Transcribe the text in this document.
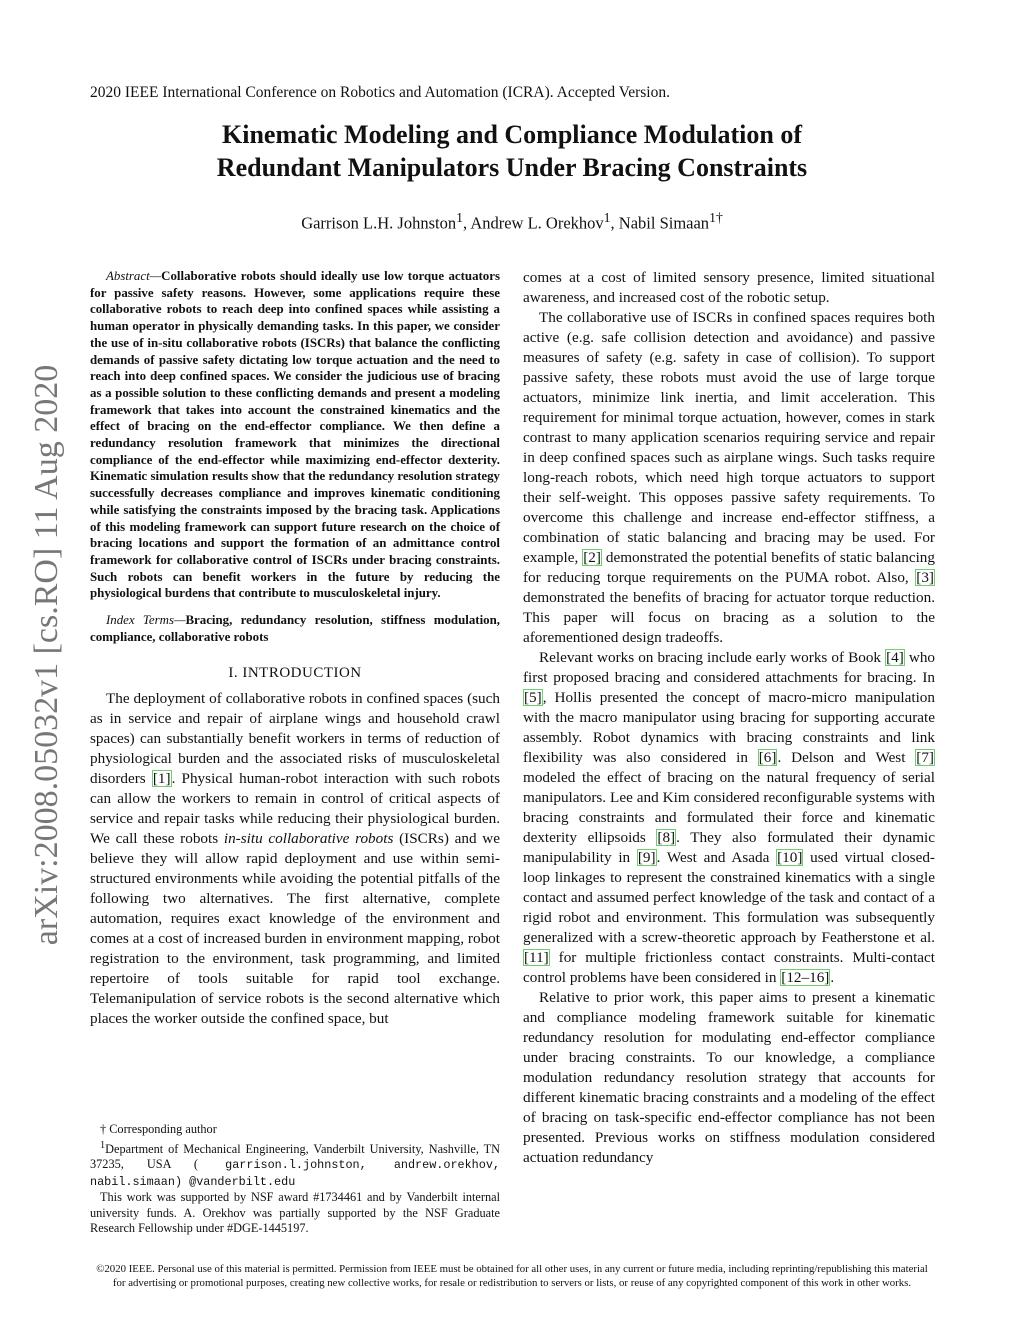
2020 IEEE International Conference on Robotics and Automation (ICRA). Accepted Version.
Kinematic Modeling and Compliance Modulation of
Redundant Manipulators Under Bracing Constraints
Garrison L.H. Johnston$^1$, Andrew L. Orekhov$^1$, Nabil Simaan$^{1\dagger}$
arXiv:2008.05032v1 [cs.RO] 11 Aug 2020
Abstract—Collaborative robots should ideally use low torque actuators for passive safety reasons. However, some applications require these collaborative robots to reach deep into confined spaces while assisting a human operator in physically demanding tasks. In this paper, we consider the use of in-situ collaborative robots (ISCRs) that balance the conflicting demands of passive safety dictating low torque actuation and the need to reach into deep confined spaces. We consider the judicious use of bracing as a possible solution to these conflicting demands and present a modeling framework that takes into account the constrained kinematics and the effect of bracing on the end-effector compliance. We then define a redundancy resolution framework that minimizes the directional compliance of the end-effector while maximizing end-effector dexterity. Kinematic simulation results show that the redundancy resolution strategy successfully decreases compliance and improves kinematic conditioning while satisfying the constraints imposed by the bracing task. Applications of this modeling framework can support future research on the choice of bracing locations and support the formation of an admittance control framework for collaborative control of ISCRs under bracing constraints. Such robots can benefit workers in the future by reducing the physiological burdens that contribute to musculoskeletal injury.
Index Terms—Bracing, redundancy resolution, stiffness modulation, compliance, collaborative robots
I. INTRODUCTION

The deployment of collaborative robots in confined spaces (such as in service and repair of airplane wings and household crawl spaces) can substantially benefit workers in terms of reduction of physiological burden and the associated risks of musculoskeletal disorders [1]. Physical human-robot interaction with such robots can allow the workers to remain in control of critical aspects of service and repair tasks while reducing their physiological burden. We call these robots in-situ collaborative robots (ISCRs) and we believe they will allow rapid deployment and use within semi-structured environments while avoiding the potential pitfalls of the following two alternatives. The first alternative, complete automation, requires exact knowledge of the environment and comes at a cost of increased burden in environment mapping, robot registration to the environment, task programming, and limited repertoire of tools suitable for rapid tool exchange. Telemanipulation of service robots is the second alternative which places the worker outside the confined space, but

† Corresponding author

$^1$Department of Mechanical Engineering, Vanderbilt University, Nashville, TN 37235, USA ( garrison.l.johnston, andrew.orekhov, nabil.simaan) @vanderbilt.edu

This work was supported by NSF award #1734461 and by Vanderbilt internal university funds. A. Orekhov was partially supported by the NSF Graduate Research Fellowship under #DGE-1445197.

comes at a cost of limited sensory presence, limited situational awareness, and increased cost of the robotic setup.

The collaborative use of ISCRs in confined spaces requires both active (e.g. safe collision detection and avoidance) and passive measures of safety (e.g. safety in case of collision). To support passive safety, these robots must avoid the use of large torque actuators, minimize link inertia, and limit acceleration. This requirement for minimal torque actuation, however, comes in stark contrast to many application scenarios requiring service and repair in deep confined spaces such as airplane wings. Such tasks require long-reach robots, which need high torque actuators to support their self-weight. This opposes passive safety requirements. To overcome this challenge and increase end-effector stiffness, a combination of static balancing and bracing may be used. For example, [2] demonstrated the potential benefits of static balancing for reducing torque requirements on the PUMA robot. Also, [3] demonstrated the benefits of bracing for actuator torque reduction. This paper will focus on bracing as a solution to the aforementioned design tradeoffs.

Relevant works on bracing include early works of Book [4] who first proposed bracing and considered attachments for bracing. In [5], Hollis presented the concept of macro-micro manipulation with the macro manipulator using bracing for supporting accurate assembly. Robot dynamics with bracing constraints and link flexibility was also considered in [6]. Delson and West [7] modeled the effect of bracing on the natural frequency of serial manipulators. Lee and Kim considered reconfigurable systems with bracing constraints and formulated their force and kinematic dexterity ellipsoids [8]. They also formulated their dynamic manipulability in [9]. West and Asada [10] used virtual closed-loop linkages to represent the constrained kinematics with a single contact and assumed perfect knowledge of the task and contact of a rigid robot and environment. This formulation was subsequently generalized with a screw-theoretic approach by Featherstone et al. [11] for multiple frictionless contact constraints. Multi-contact control problems have been considered in [12–16].

Relative to prior work, this paper aims to present a kinematic and compliance modeling framework suitable for kinematic redundancy resolution for modulating end-effector compliance under bracing constraints. To our knowledge, a compliance modulation redundancy resolution strategy that accounts for different kinematic bracing constraints and a modeling of the effect of bracing on task-specific end-effector compliance has not been presented. Previous works on stiffness modulation considered actuation redundancy

©2020 IEEE. Personal use of this material is permitted. Permission from IEEE must be obtained for all other uses, in any current or future media, including reprinting/republishing this material for advertising or promotional purposes, creating new collective works, for resale or redistribution to servers or lists, or reuse of any copyrighted component of this work in other works.
